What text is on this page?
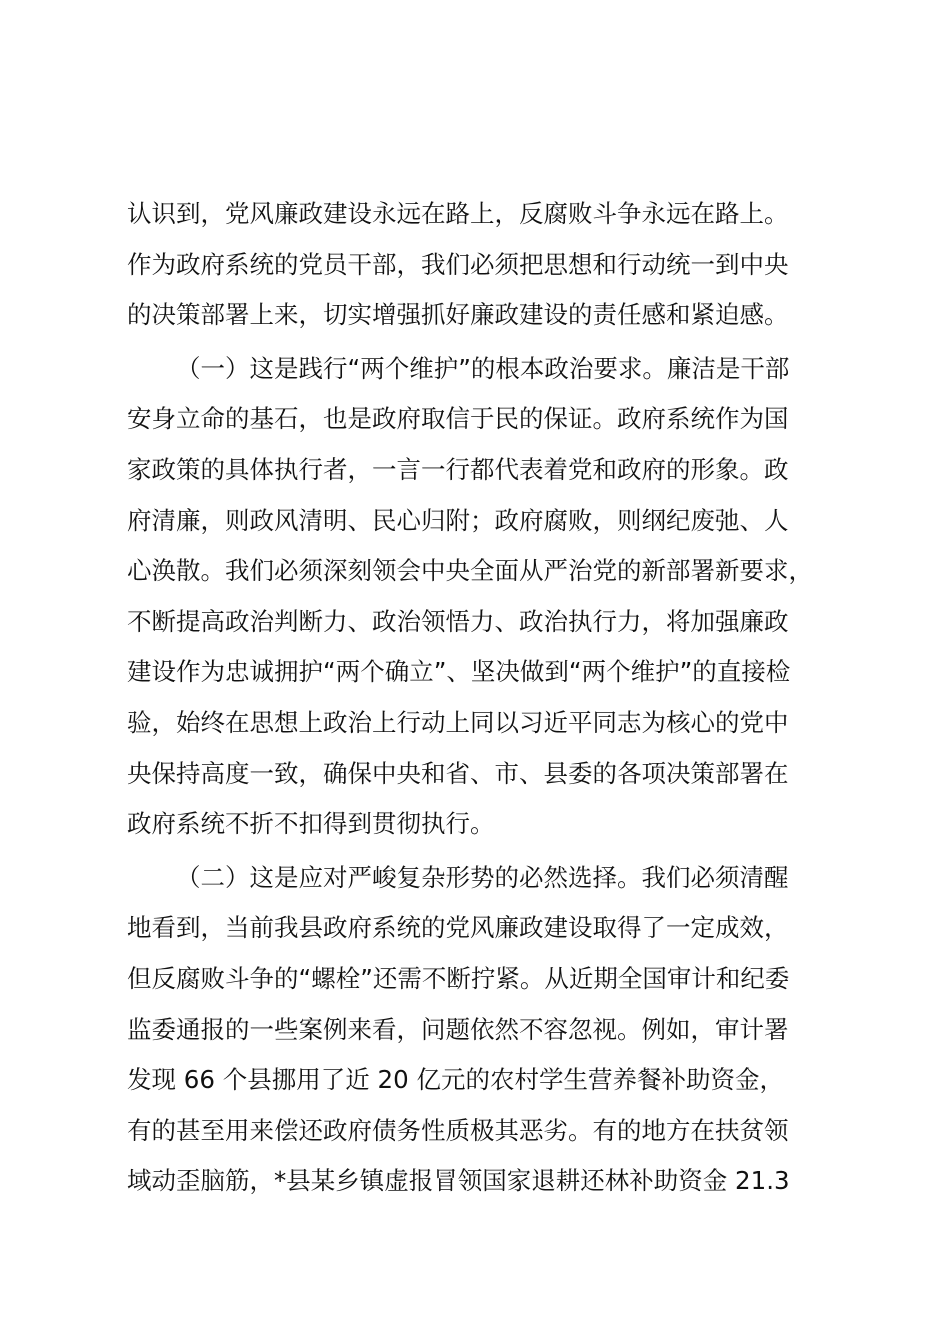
认识到，党风廉政建设永远在路上，反腐败斗争永远在路上。
作为政府系统的党员干部，我们必须把思想和行动统一到中央
的决策部署上来，切实增强抓好廉政建设的责任感和紧迫感。
（一）这是践行“两个维护”的根本政治要求。廉洁是干部
安身立命的基石，也是政府取信于民的保证。政府系统作为国
家政策的具体执行者，一言一行都代表着党和政府的形象。政
府清廉，则政风清明、民心归附；政府腐败，则纲纪废弛、人
心涣散。我们必须深刻领会中央全面从严治党的新部署新要求，
不断提高政治判断力、政治领悟力、政治执行力，将加强廉政
建设作为忠诚拥护“两个确立”、坚决做到“两个维护”的直接检
验，始终在思想上政治上行动上同以习近平同志为核心的党中
央保持高度一致，确保中央和省、市、县委的各项决策部署在
政府系统不折不扣得到贯彻执行。
（二）这是应对严峻复杂形势的必然选择。我们必须清醒
地看到，当前我县政府系统的党风廉政建设取得了一定成效，
但反腐败斗争的“螺栓”还需不断拧紧。从近期全国审计和纪委
监委通报的一些案例来看，问题依然不容忽视。例如，审计署
发现 66 个县挪用了近 20 亿元的农村学生营养餐补助资金，
有的甚至用来偿还政府债务性质极其恶劣。有的地方在扶贫领
域动歪脑筋，*县某乡镇虚报冒领国家退耕还林补助资金 21.3
